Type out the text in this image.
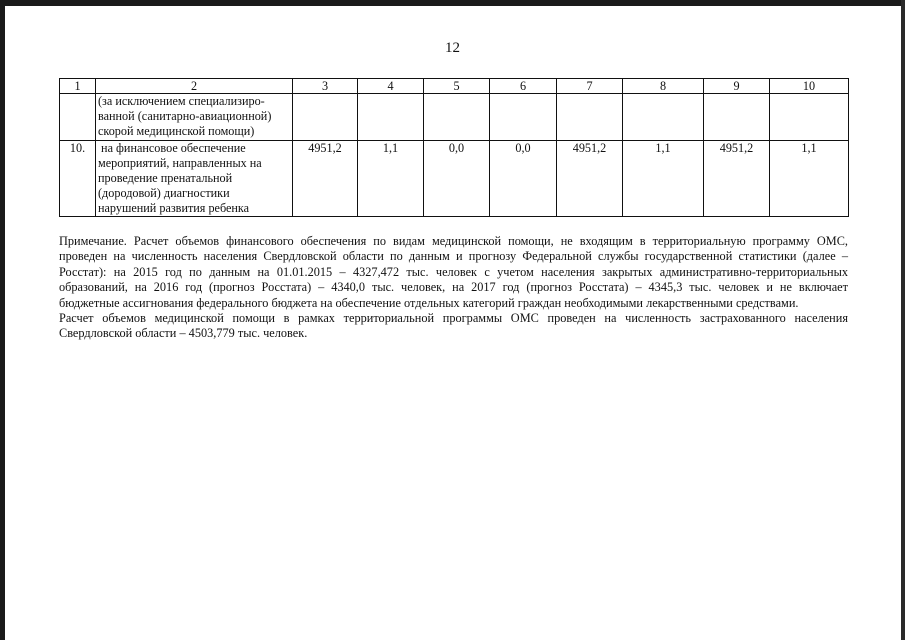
12
1	2	3	4	5	6	7	8	9	10

	(за исключением специализиро-
ванной (санитарно-авиационной)
скорой медицинской помощи)								

10.	на финансовое обеспечение
мероприятий, направленных на
проведение пренатальной
(дородовой) диагностики
нарушений развития ребенка	4951,2	1,1	0,0	0,0	4951,2	1,1	4951,2	1,1
Примечание. Расчет объемов финансового обеспечения по видам медицинской помощи, не входящим в территориальную программу ОМС,
проведен на численность населения Свердловской области по данным и прогнозу Федеральной службы государственной статистики (далее –
Росстат): на 2015 год по данным на 01.01.2015 – 4327,472 тыс. человек с учетом населения закрытых административно-территориальных
образований, на 2016 год (прогноз Росстата) – 4340,0 тыс. человек, на 2017 год (прогноз Росстата) – 4345,3 тыс. человек и не включает
бюджетные ассигнования федерального бюджета на обеспечение отдельных категорий граждан необходимыми лекарственными средствами.
Расчет объемов медицинской помощи в рамках территориальной программы ОМС проведен на численность застрахованного населения
Свердловской области – 4503,779 тыс. человек.
